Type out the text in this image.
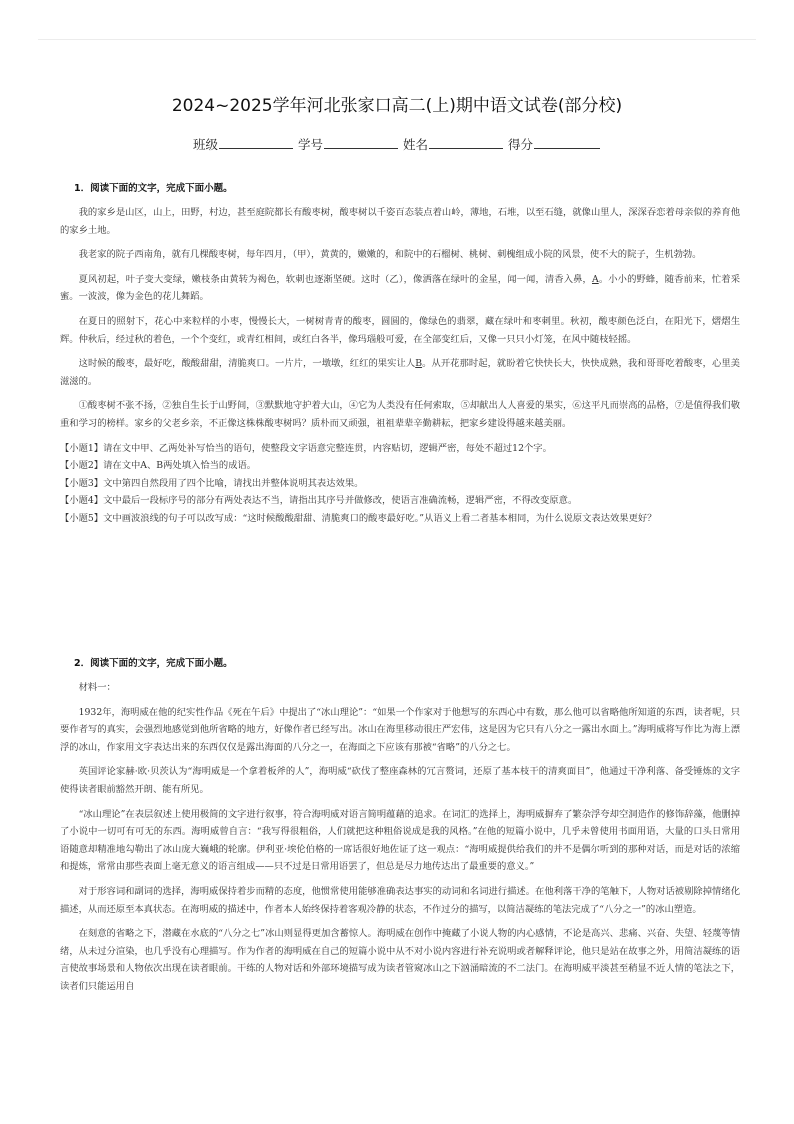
2024~2025学年河北张家口高二(上)期中语文试卷(部分校)
班级	学号	姓名	得分
1．阅读下面的文字，完成下面小题。

我的家乡是山区，山上，田野，村边，甚至庭院都长有酸枣树，酸枣树以千姿百态装点着山岭，薄地，石堆，以至石缝，就像山里人，深深吞恋着母亲似的养育他的家乡土地。

我老家的院子西南角，就有几棵酸枣树，每年四月，（甲），黄黄的，嫩嫩的，和院中的石榴树、桃树、刺槐组成小院的风景，使不大的院子，生机勃勃。

夏风初起，叶子变大变绿，嫩枝条由黄转为褐色，软刺也逐渐坚硬。这时（乙），像洒落在绿叶的金星，闻一闻，清香入鼻，A。小小的野蜂，随香前来，忙着采蜜。一波波，像为金色的花儿舞蹈。

在夏日的照射下，花心中来粒样的小枣，慢慢长大，一树树青青的酸枣，圆圆的，像绿色的翡翠，藏在绿叶和枣刺里。秋初，酸枣颜色泛白，在阳光下，熠熠生辉。仲秋后，经过秋的着色，一个个变红，或青红相间，或红白各半，像玛瑙般可爱，在全部变红后，又像一只只小灯笼，在风中随枝轻摇。

这时候的酸枣，最好吃，酸酸甜甜，清脆爽口。一片片，一墩墩，红红的果实让人B。从开花那时起，就盼着它快快长大，快快成熟，我和哥哥吃着酸枣，心里美滋滋的。

①酸枣树不张不扬，②独自生长于山野间，③默默地守护着大山，④它为人类没有任何索取，⑤却献出人人喜爱的果实，⑥这平凡而崇高的品格，⑦是值得我们敬重和学习的榜样。家乡的父老乡亲，不正像这株株酸枣树吗？质朴而又顽强，祖祖辈辈辛勤耕耘，把家乡建设得越来越美丽。

【小题1】请在文中甲、乙两处补写恰当的语句，使整段文字语意完整连贯，内容贴切，逻辑严密，每处不超过12个字。

【小题2】请在文中A、B两处填入恰当的成语。

【小题3】文中第四自然段用了四个比喻，请找出并整体说明其表达效果。

【小题4】文中最后一段标序号的部分有两处表达不当，请指出其序号并做修改，使语言准确流畅，逻辑严密，不得改变原意。

【小题5】文中画波浪线的句子可以改写成：“这时候酸酸甜甜、清脆爽口的酸枣最好吃。”从语义上看二者基本相同，为什么说原文表达效果更好？

2．阅读下面的文字，完成下面小题。

材料一：

1932年，海明威在他的纪实性作品《死在午后》中提出了“冰山理论”：“如果一个作家对于他想写的东西心中有数，那么他可以省略他所知道的东西，读者呢，只要作者写的真实，会强烈地感觉到他所省略的地方，好像作者已经写出。冰山在海里移动很庄严宏伟，这是因为它只有八分之一露出水面上。”海明威将写作比为海上漂浮的冰山，作家用文字表达出来的东西仅仅是露出海面的八分之一，在海面之下应该有那被“省略”的八分之七。

英国评论家赫·欧·贝茨认为“海明威是一个拿着板斧的人”，海明威“砍伐了整座森林的冗言赘词，还原了基本枝干的清爽面目”，他通过干净利落、备受锤炼的文字使得读者眼前豁然开朗、能有所见。

“冰山理论”在表层叙述上使用极简的文字进行叙事，符合海明威对语言简明蕴藉的追求。在词汇的选择上，海明威摒弃了繁杂浮夸却空洞造作的修饰辞藻，他删掉了小说中一切可有可无的东西。海明威曾自言：“我写得很粗俗，人们就把这种粗俗说成是我的风格。”在他的短篇小说中，几乎未曾使用书面用语，大量的口头日常用语随意却精准地勾勒出了冰山庞大巍峨的轮廓。伊利亚·埃伦伯格的一席话很好地佐证了这一观点：“海明威提供给我们的并不是偶尔听到的那种对话，而是对话的浓缩和提炼，常常由那些表面上毫无意义的语言组成——只不过是日常用语罢了，但总是尽力地传达出了最重要的意义。”

对于形容词和副词的选择，海明威保持着步而精的态度，他惯常使用能够准确表达事实的动词和名词进行描述。在他利落干净的笔触下，人物对话被剔除掉情绪化描述，从而还原至本真状态。在海明威的描述中，作者本人始终保持着客观冷静的状态，不作过分的描写，以简洁凝练的笔法完成了“八分之一”的冰山塑造。

在刻意的省略之下，潜藏在水底的“八分之七”冰山则显得更加含蓄惊人。海明威在创作中掩藏了小说人物的内心感情，不论是高兴、悲痛、兴奋、失望、轻蔑等情绪，从未过分渲染，也几乎没有心理描写。作为作者的海明威在自己的短篇小说中从不对小说内容进行补充说明或者解释评论，他只是站在故事之外，用简洁凝练的语言使故事场景和人物依次出现在读者眼前。干练的人物对话和外部环境描写成为读者管窥冰山之下汹涌暗流的不二法门。在海明威平淡甚至稍显不近人情的笔法之下，读者们只能运用自
